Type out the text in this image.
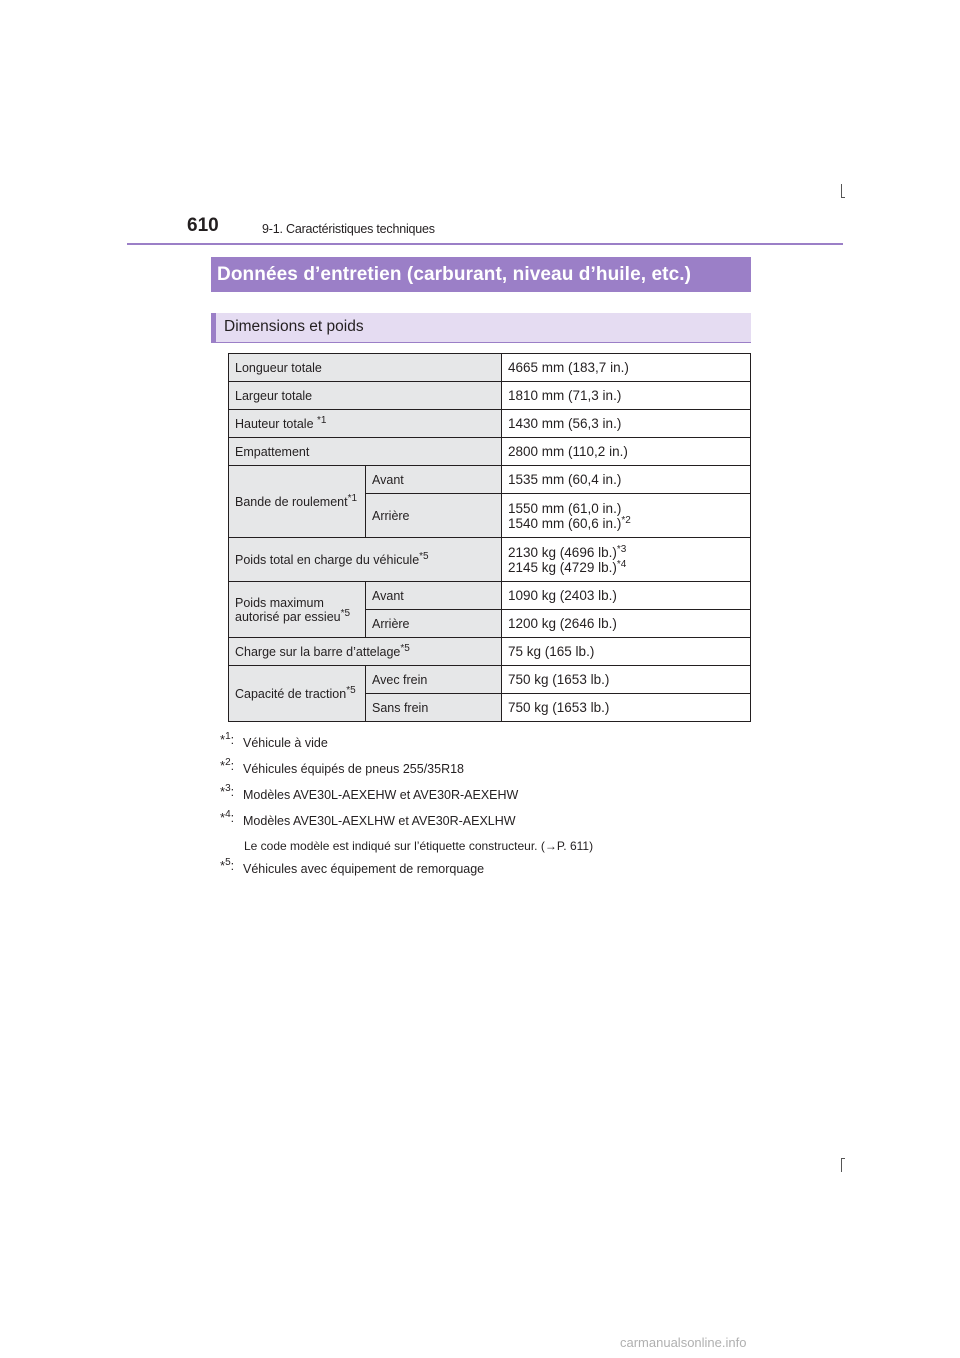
610	9-1. Caractéristiques techniques
Données d’entretien (carburant, niveau d’huile, etc.)
Dimensions et poids
Longueur totale		4665 mm (183,7 in.)
Largeur totale		1810 mm (71,3 in.)
Hauteur totale $^{*1}$		1430 mm (56,3 in.)
Empattement		2800 mm (110,2 in.)
Bande de roulement$^{*1}$	Avant	1535 mm (60,4 in.)
	Arrière	1550 mm (61,0 in.)
1540 mm (60,6 in.)$^{*2}$

Poids total en charge du véhicule$^{*5}$		2130 kg (4696 lb.)$^{*3}$
2145 kg (4729 lb.)$^{*4}$

Poids maximum autorisé par essieu$^{*5}$	Avant	1090 kg (2403 lb.)
	Arrière	1200 kg (2646 lb.)
Charge sur la barre d’attelage$^{*5}$		75 kg (165 lb.)
Capacité de traction$^{*5}$	Avec frein	750 kg (1653 lb.)
	Sans frein	750 kg (1653 lb.)
*$^1$: Véhicule à vide
*$^2$: Véhicules équipés de pneus 255/35R18
*$^3$: Modèles AVE30L-AEXEHW et AVE30R-AEXEHW
*$^4$: Modèles AVE30L-AEXLHW et AVE30R-AEXLHW
Le code modèle est indiqué sur l’étiquette constructeur. (→P. 611)
*$^5$: Véhicules avec équipement de remorquage
carmanualsonline.info
